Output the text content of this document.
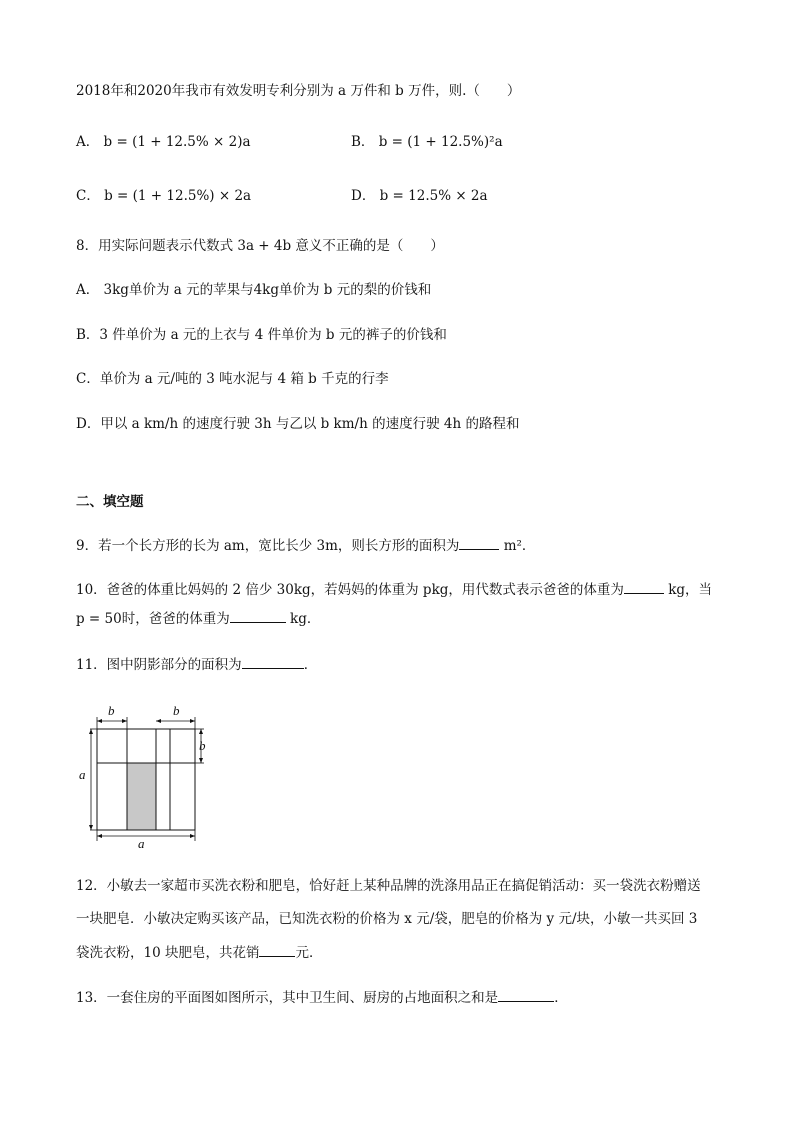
2018年和2020年我市有效发明专利分别为 a 万件和 b 万件，则.（　　）
A． b = (1 + 12.5% × 2)a	B． b = (1 + 12.5%)²a
C． b = (1 + 12.5%) × 2a	D． b = 12.5% × 2a
8．用实际问题表示代数式 3a + 4b 意义不正确的是（　　）
A． 3kg单价为 a 元的苹果与4kg单价为 b 元的梨的价钱和
B．3 件单价为 a 元的上衣与 4 件单价为 b 元的裤子的价钱和
C．单价为 a 元/吨的 3 吨水泥与 4 箱 b 千克的行李
D．甲以 a km/h 的速度行驶 3h 与乙以 b km/h 的速度行驶 4h 的路程和
二、填空题
9．若一个长方形的长为 am，宽比长少 3m，则长方形的面积为	m²．
10．爸爸的体重比妈妈的 2 倍少 30kg，若妈妈的体重为 pkg，用代数式表示爸爸的体重为	kg，当
p = 50时，爸爸的体重为	kg．
11．图中阴影部分的面积为	．
b	b
b
a
a
12．小敏去一家超市买洗衣粉和肥皂，恰好赶上某种品牌的洗涤用品正在搞促销活动：买一袋洗衣粉赠送
一块肥皂．小敏决定购买该产品，已知洗衣粉的价格为 x 元/袋，肥皂的价格为 y 元/块，小敏一共买回 3
袋洗衣粉，10 块肥皂，共花销	元．
13．一套住房的平面图如图所示，其中卫生间、厨房的占地面积之和是	．
